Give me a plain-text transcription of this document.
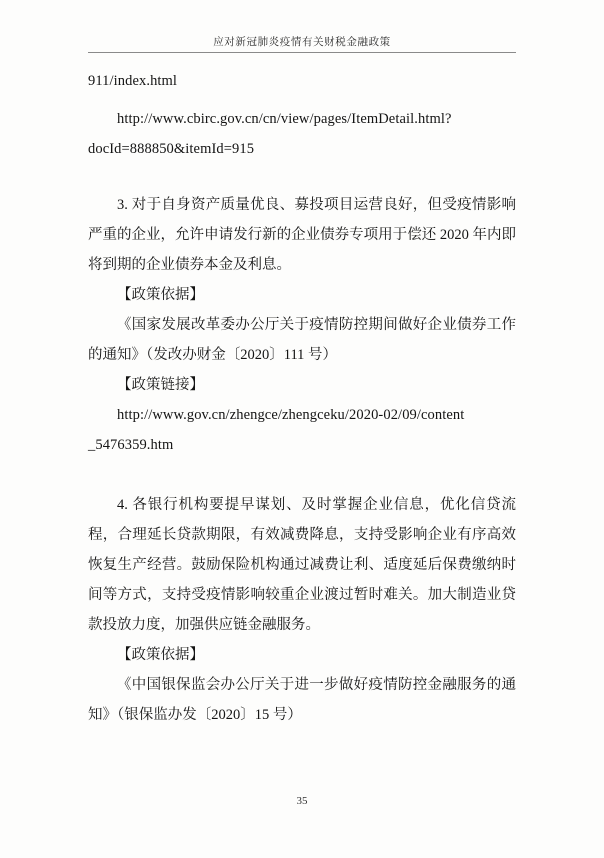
应对新冠肺炎疫情有关财税金融政策

911/index.html

http://www.cbirc.gov.cn/cn/view/pages/ItemDetail.html?docId=888850&itemId=915

3. 对于自身资产质量优良、募投项目运营良好，但受疫情影响严重的企业，允许申请发行新的企业债券专项用于偿还 2020 年内即将到期的企业债券本金及利息。

【政策依据】

《国家发展改革委办公厅关于疫情防控期间做好企业债券工作的通知》（发改办财金〔2020〕111 号）

【政策链接】

http://www.gov.cn/zhengce/zhengceku/2020-02/09/content

_5476359.htm

4. 各银行机构要提早谋划、及时掌握企业信息，优化信贷流程，合理延长贷款期限，有效减费降息，支持受影响企业有序高效恢复生产经营。鼓励保险机构通过减费让利、适度延后保费缴纳时间等方式，支持受疫情影响较重企业渡过暂时难关。加大制造业贷款投放力度，加强供应链金融服务。

【政策依据】

《中国银保监会办公厅关于进一步做好疫情防控金融服务的通知》（银保监办发〔2020〕15 号）

35
